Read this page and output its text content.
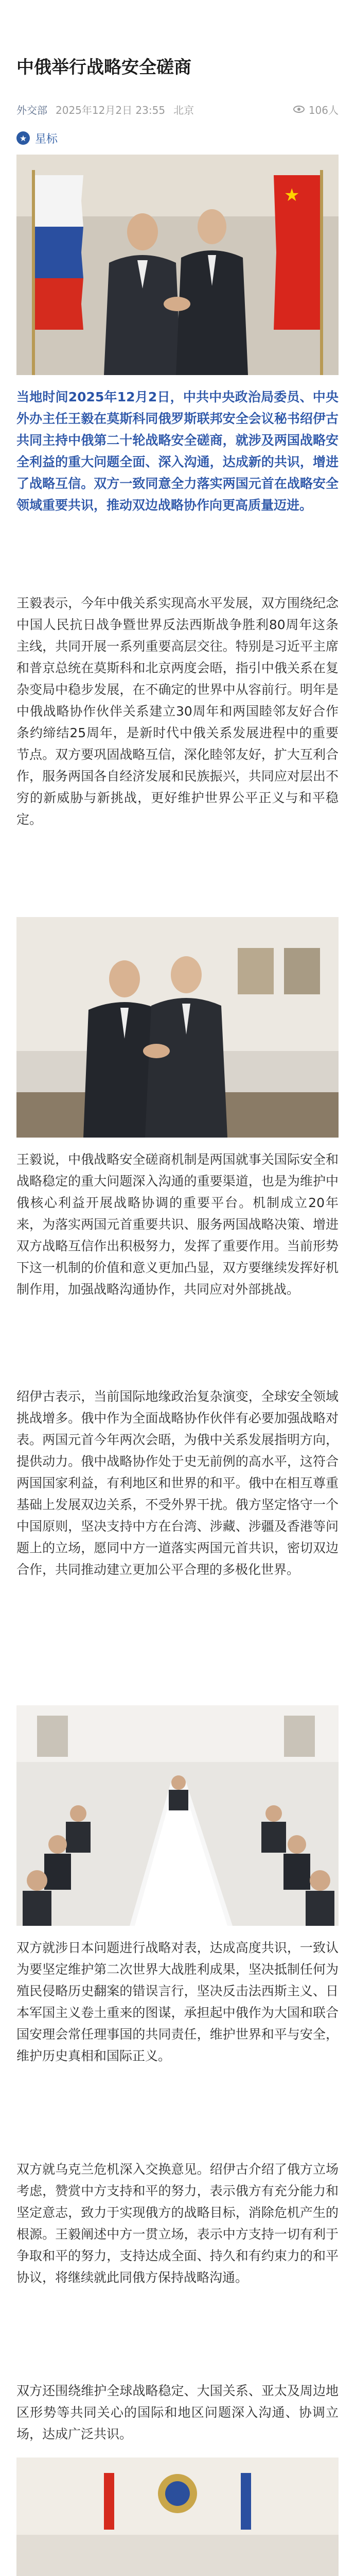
中俄举行战略安全磋商
外交部 2025年12月2日 23:55 北京	106人
★ 星标
★

当地时间2025年12月2日，中共中央政治局委员、中央外办主任王毅在莫斯科同俄罗斯联邦安全会议秘书绍伊古共同主持中俄第二十轮战略安全磋商，就涉及两国战略安全利益的重大问题全面、深入沟通，达成新的共识，增进了战略互信。双方一致同意全力落实两国元首在战略安全领域重要共识，推动双边战略协作向更高质量迈进。

王毅表示，今年中俄关系实现高水平发展，双方围绕纪念中国人民抗日战争暨世界反法西斯战争胜利80周年这条主线，共同开展一系列重要高层交往。特别是习近平主席和普京总统在莫斯科和北京两度会晤，指引中俄关系在复杂变局中稳步发展，在不确定的世界中从容前行。明年是中俄战略协作伙伴关系建立30周年和两国睦邻友好合作条约缔结25周年，是新时代中俄关系发展进程中的重要节点。双方要巩固战略互信，深化睦邻友好，扩大互利合作，服务两国各自经济发展和民族振兴，共同应对层出不穷的新威胁与新挑战，更好维护世界公平正义与和平稳定。

王毅说，中俄战略安全磋商机制是两国就事关国际安全和战略稳定的重大问题深入沟通的重要渠道，也是为维护中俄核心利益开展战略协调的重要平台。机制成立20年来，为落实两国元首重要共识、服务两国战略决策、增进双方战略互信作出积极努力，发挥了重要作用。当前形势下这一机制的价值和意义更加凸显，双方要继续发挥好机制作用，加强战略沟通协作，共同应对外部挑战。

绍伊古表示，当前国际地缘政治复杂演变，全球安全领域挑战增多。俄中作为全面战略协作伙伴有必要加强战略对表。两国元首今年两次会晤，为俄中关系发展指明方向，提供动力。俄中战略协作处于史无前例的高水平，这符合两国国家利益，有利地区和世界的和平。俄中在相互尊重基础上发展双边关系，不受外界干扰。俄方坚定恪守一个中国原则，坚决支持中方在台湾、涉藏、涉疆及香港等问题上的立场，愿同中方一道落实两国元首共识，密切双边合作，共同推动建立更加公平合理的多极化世界。

双方就涉日本问题进行战略对表，达成高度共识，一致认为要坚定维护第二次世界大战胜利成果，坚决抵制任何为殖民侵略历史翻案的错误言行，坚决反击法西斯主义、日本军国主义卷土重来的图谋，承担起中俄作为大国和联合国安理会常任理事国的共同责任，维护世界和平与安全，维护历史真相和国际正义。

双方就乌克兰危机深入交换意见。绍伊古介绍了俄方立场考虑，赞赏中方支持和平的努力，表示俄方有充分能力和坚定意志，致力于实现俄方的战略目标，消除危机产生的根源。王毅阐述中方一贯立场，表示中方支持一切有利于争取和平的努力，支持达成全面、持久和有约束力的和平协议，将继续就此同俄方保持战略沟通。

双方还围绕维护全球战略稳定、大国关系、亚太及周边地区形势等共同关心的国际和地区问题深入沟通、协调立场，达成广泛共识。
